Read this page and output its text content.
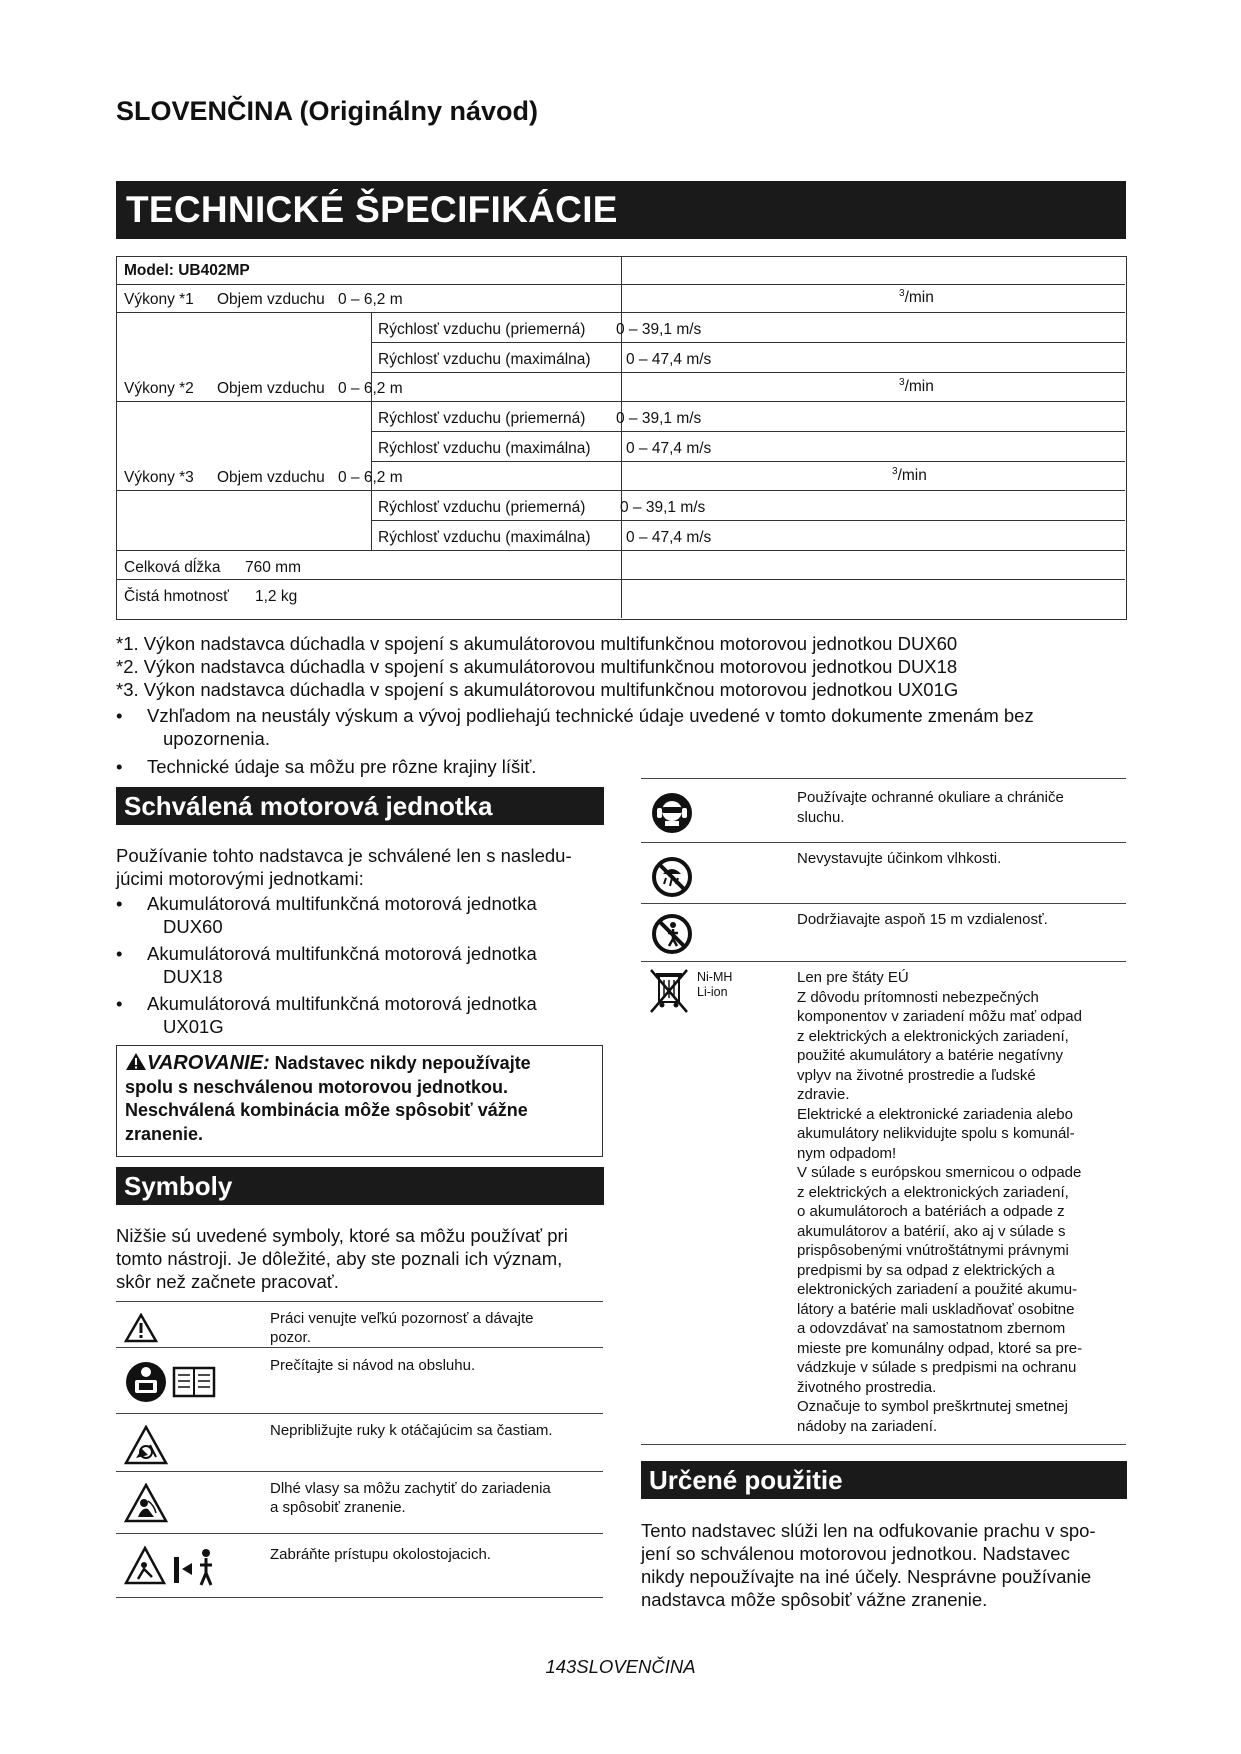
SLOVENČINA (Originálny návod)
TECHNICKÉ ŠPECIFIKÁCIE
Model: UB402MP
Výkony *1 Objem vzduchu 0 – 6,2 m	$^3$/min
Rýchlosť vzduchu (priemerná) 0 – 39,1 m/s
Rýchlosť vzduchu (maximálna) 0 – 47,4 m/s
Výkony *2 Objem vzduchu 0 – 6,2 m	$^3$/min
Rýchlosť vzduchu (priemerná) 0 – 39,1 m/s
Rýchlosť vzduchu (maximálna) 0 – 47,4 m/s
Výkony *3 Objem vzduchu 0 – 6,2 m	$^3$/min
Rýchlosť vzduchu (priemerná) 0 – 39,1 m/s
Rýchlosť vzduchu (maximálna) 0 – 47,4 m/s
Celková dĺžka 760 mm
Čistá hmotnosť 1,2 kg
*1. Výkon nadstavca dúchadla v spojení s akumulátorovou multifunkčnou motorovou jednotkou DUX60
*2. Výkon nadstavca dúchadla v spojení s akumulátorovou multifunkčnou motorovou jednotkou DUX18
*3. Výkon nadstavca dúchadla v spojení s akumulátorovou multifunkčnou motorovou jednotkou UX01G
• Vzhľadom na neustály výskum a vývoj podliehajú technické údaje uvedené v tomto dokumente zmenám bez
upozornenia.
• Technické údaje sa môžu pre rôzne krajiny líšiť.
Schválená motorová jednotka
Používanie tohto nadstavca je schválené len s nasledu-
júcimi motorovými jednotkami:
• Akumulátorová multifunkčná motorová jednotka
DUX60
• Akumulátorová multifunkčná motorová jednotka
DUX18
• Akumulátorová multifunkčná motorová jednotka
UX01G
VAROVANIE: Nadstavec nikdy nepoužívajte
spolu s neschválenou motorovou jednotkou.
Neschválená kombinácia môže spôsobiť vážne
zranenie.
Symboly
Nižšie sú uvedené symboly, ktoré sa môžu používať pri
tomto nástroji. Je dôležité, aby ste poznali ich význam,
skôr než začnete pracovať.
Práci venujte veľkú pozornosť a dávajte
pozor.
Prečítajte si návod na obsluhu.
Nepribližujte ruky k otáčajúcim sa častiam.
Dlhé vlasy sa môžu zachytiť do zariadenia
a spôsobiť zranenie.
Zabráňte prístupu okolostojacich.
Používajte ochranné okuliare a chrániče
sluchu.
Nevystavujte účinkom vlhkosti.
Dodržiavajte aspoň 15 m vzdialenosť.
Ni-MH
Li-ion
Len pre štáty EÚ
Z dôvodu prítomnosti nebezpečných
komponentov v zariadení môžu mať odpad
z elektrických a elektronických zariadení,
použité akumulátory a batérie negatívny
vplyv na životné prostredie a ľudské
zdravie.
Elektrické a elektronické zariadenia alebo
akumulátory nelikvidujte spolu s komunál-
nym odpadom!
V súlade s európskou smernicou o odpade
z elektrických a elektronických zariadení,
o akumulátoroch a batériách a odpade z
akumulátorov a batérií, ako aj v súlade s
prispôsobenými vnútroštátnymi právnymi
predpismi by sa odpad z elektrických a
elektronických zariadení a použité akumu-
látory a batérie mali uskladňovať osobitne
a odovzdávať na samostatnom zbernom
mieste pre komunálny odpad, ktoré sa pre-
vádzkuje v súlade s predpismi na ochranu
životného prostredia.
Označuje to symbol preškrtnutej smetnej
nádoby na zariadení.
Určené použitie
Tento nadstavec slúži len na odfukovanie prachu v spo-
jení so schválenou motorovou jednotkou. Nadstavec
nikdy nepoužívajte na iné účely. Nesprávne používanie
nadstavca môže spôsobiť vážne zranenie.
143SLOVENČINA
